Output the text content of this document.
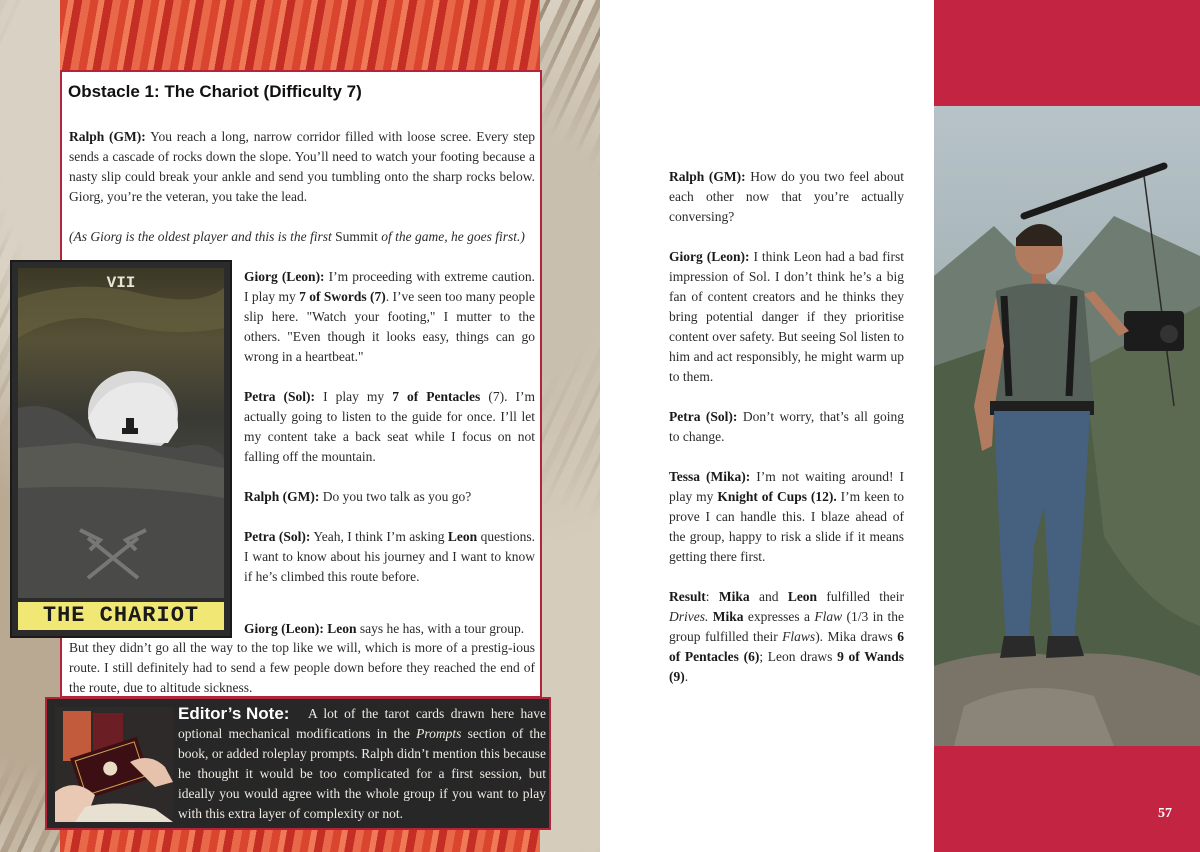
Obstacle 1: The Chariot (Difficulty 7)
Ralph (GM): You reach a long, narrow corridor filled with loose scree. Every step sends a cascade of rocks down the slope. You’ll need to watch your footing because a nasty slip could break your ankle and send you tumbling onto the sharp rocks below. Giorg, you’re the veteran, you take the lead.
(As Giorg is the oldest player and this is the first Summit of the game, he goes first.)
VII
THE CHARIOT
Giorg (Leon): I’m proceeding with extreme caution. I play my 7 of Swords (7). I’ve seen too many people slip here. "Watch your footing," I mutter to the others. "Even though it looks easy, things can go wrong in a heartbeat."
Petra (Sol): I play my 7 of Pentacles (7). I’m actually going to listen to the guide for once. I’ll let my content take a back seat while I focus on not falling off the mountain.
Ralph (GM): Do you two talk as you go?
Petra (Sol): Yeah, I think I’m asking Leon questions. I want to know about his journey and I want to know if he’s climbed this route before.
Giorg (Leon): Leon says he has, with a tour group.
But they didn’t go all the way to the top like we will, which is more of a prestig-ious route. I still definitely had to send a few people down before they reached the end of the route, due to altitude sickness.
A lot of the tarot cards drawn here have optional mechanical modifications in the Prompts section of the book, or added roleplay prompts. Ralph didn’t mention this because he thought it would be too complicated for a first session, but ideally you would agree with the whole group if you want to play with this extra layer of complexity or not.
Editor’s Note:
Ralph (GM): How do you two feel about each other now that you’re actually conversing?
Giorg (Leon): I think Leon had a bad first impression of Sol. I don’t think he’s a big fan of content creators and he thinks they bring potential danger if they prioritise content over safety. But seeing Sol listen to him and act responsibly, he might warm up to them.
Petra (Sol): Don’t worry, that’s all going to change.
Tessa (Mika): I’m not waiting around! I play my Knight of Cups (12). I’m keen to prove I can handle this. I blaze ahead of the group, happy to risk a slide if it means getting there first.
Result: Mika and Leon fulfilled their Drives. Mika expresses a Flaw (1/3 in the group fulfilled their Flaws). Mika draws 6 of Pentacles (6); Leon draws 9 of Wands (9).
57
